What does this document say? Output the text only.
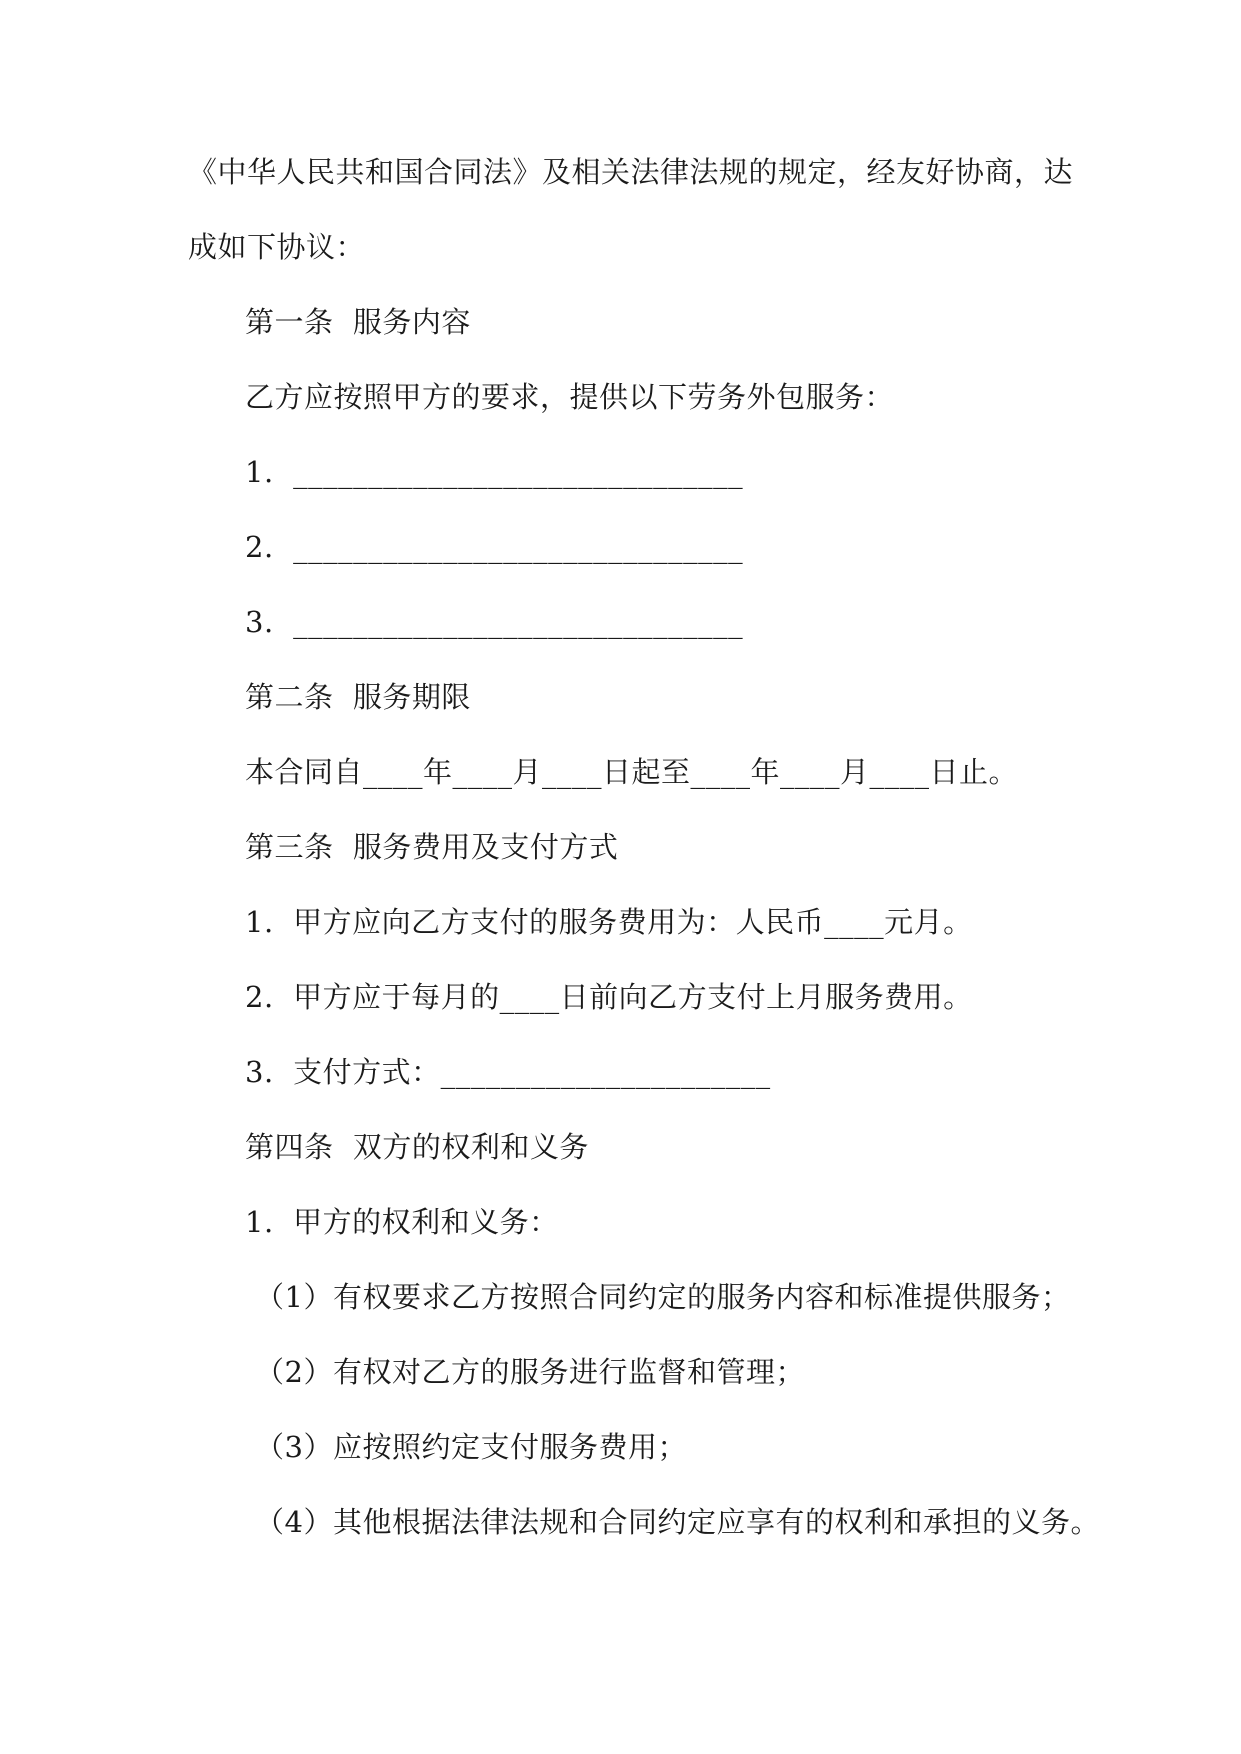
《中华人民共和国合同法》及相关法律法规的规定，经友好协商，达
成如下协议：
第一条  服务内容
乙方应按照甲方的要求，提供以下劳务外包服务：
1.  ______________________________
2.  ______________________________
3.  ______________________________
第二条  服务期限
本合同自____年____月____日起至____年____月____日止。
第三条  服务费用及支付方式
1.  甲方应向乙方支付的服务费用为：人民币____元月。
2.  甲方应于每月的____日前向乙方支付上月服务费用。
3.  支付方式：______________________
第四条  双方的权利和义务
1.  甲方的权利和义务：
（1）有权要求乙方按照合同约定的服务内容和标准提供服务；
（2）有权对乙方的服务进行监督和管理；
（3）应按照约定支付服务费用；
（4）其他根据法律法规和合同约定应享有的权利和承担的义务。
